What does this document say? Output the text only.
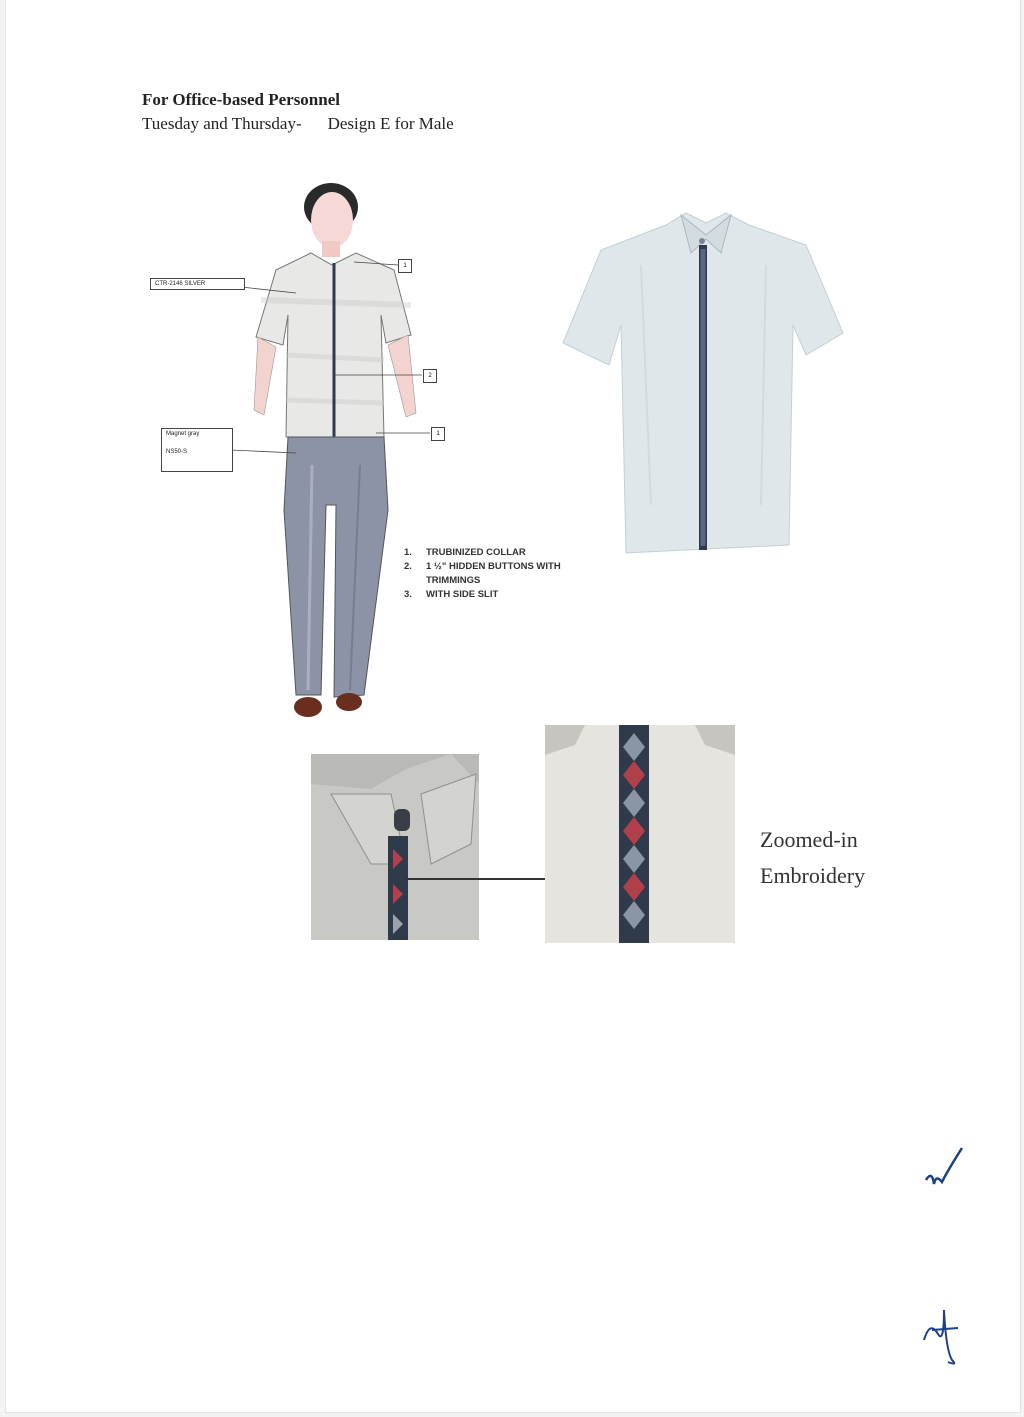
For Office-based Personnel
Tuesday and Thursday- Design E for Male
CTR-2146 SILVER
Magnet gray
NS50-S
1
2
1
1. TRUBINIZED COLLAR
2. 1 ½" HIDDEN BUTTONS WITH TRIMMINGS
3. WITH SIDE SLIT
Zoomed-in
Embroidery
